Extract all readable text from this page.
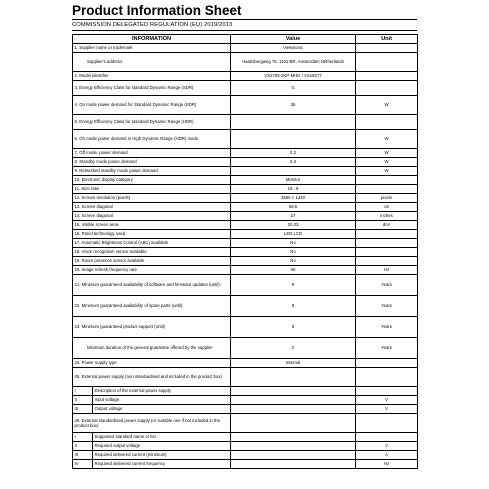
Product Information Sheet
COMMISSION DELEGATED REGULATION (EU) 2019/2013
INFORMATION		Value	Unit
1. Supplier name or trademark		ViewSonic	
Supplier's address		Haaksbergweg 75, 1101 BR, Amsterdam Netherlands	
2. Model identifier		VX2705-2KP-MHD / VS18277	
3. Energy Efficiency Class for standard Dynamic Range (SDR)		G	
4. On mode power demand for Standard Dynamic Range (SDR)		35	W
5. Energy Efficiency Class for standard Dynamic Range (HDR)			
6. On mode power demand in High Dynamic Range (HDR) mode			W
7. Off mode, power demand		0.2	W
8. Standby mode power demand		0.3	W
9. Networked standby mode power demand			W
10. Electronic display category		Monitor	
11. Size ratio		16 : 9	
12. Screen resolution (pixels)		2560 × 1440	pixels
13. Screen diagonal		68.5	cm
14. Screen diagonal		27	inches
15. Visible screen area		20.03	dm²
16. Panel technology used		LED LCD	
17. Automatic Brightness Control (ABC) available		No	
18. Voice recognition sensor available		No	
19. Room presence sensor available		No	
20. Image refresh frequency rate		60	Hz
21. Minimum guaranteed availability of software and firmware updates (until):		9	Years
22. Minimum guaranteed availability of spare parts (until)		8	Years
23. Minimum guaranteed product support (until)		8	Years
Minimum duration of the general guarantee offered by the supplier		2	Years
24. Power supply type		Internal	
25. External power supply (non standardised and included in the product box)			
I	Description of the external power supply		
II	Input voltage		V
III	Output voltage		V
26. External standardised power supply (or suitable one if not included in the product box)			
I	Supported standard name or list		
II	Required output voltage		V
III	Required delivered current (minimum)		A
IV	Required delivered current frequency		Hz
